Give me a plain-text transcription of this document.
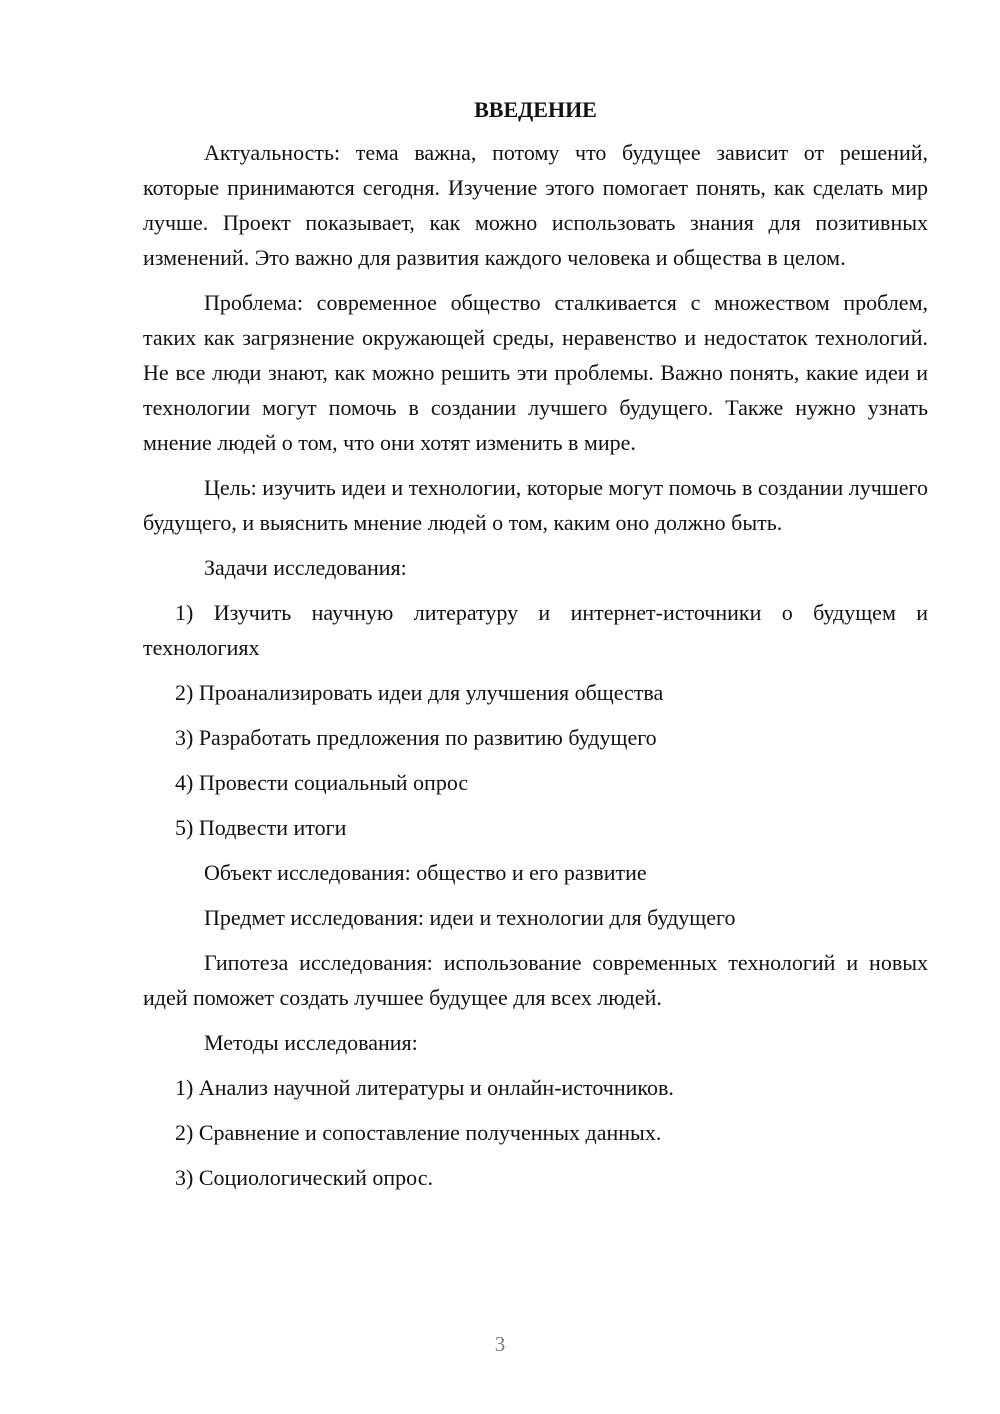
ВВЕДЕНИЕ
Актуальность: тема важна, потому что будущее зависит от решений, которые принимаются сегодня. Изучение этого помогает понять, как сделать мир лучше. Проект показывает, как можно использовать знания для позитивных изменений. Это важно для развития каждого человека и общества в целом.
Проблема: современное общество сталкивается с множеством проблем, таких как загрязнение окружающей среды, неравенство и недостаток технологий. Не все люди знают, как можно решить эти проблемы. Важно понять, какие идеи и технологии могут помочь в создании лучшего будущего. Также нужно узнать мнение людей о том, что они хотят изменить в мире.
Цель: изучить идеи и технологии, которые могут помочь в создании лучшего будущего, и выяснить мнение людей о том, каким оно должно быть.
Задачи исследования:
1) Изучить научную литературу и интернет-источники о будущем и технологиях
2) Проанализировать идеи для улучшения общества
3) Разработать предложения по развитию будущего
4) Провести социальный опрос
5) Подвести итоги
Объект исследования: общество и его развитие
Предмет исследования: идеи и технологии для будущего
Гипотеза исследования: использование современных технологий и новых идей поможет создать лучшее будущее для всех людей.
Методы исследования:
1) Анализ научной литературы и онлайн-источников.
2) Сравнение и сопоставление полученных данных.
3) Социологический опрос.
3
